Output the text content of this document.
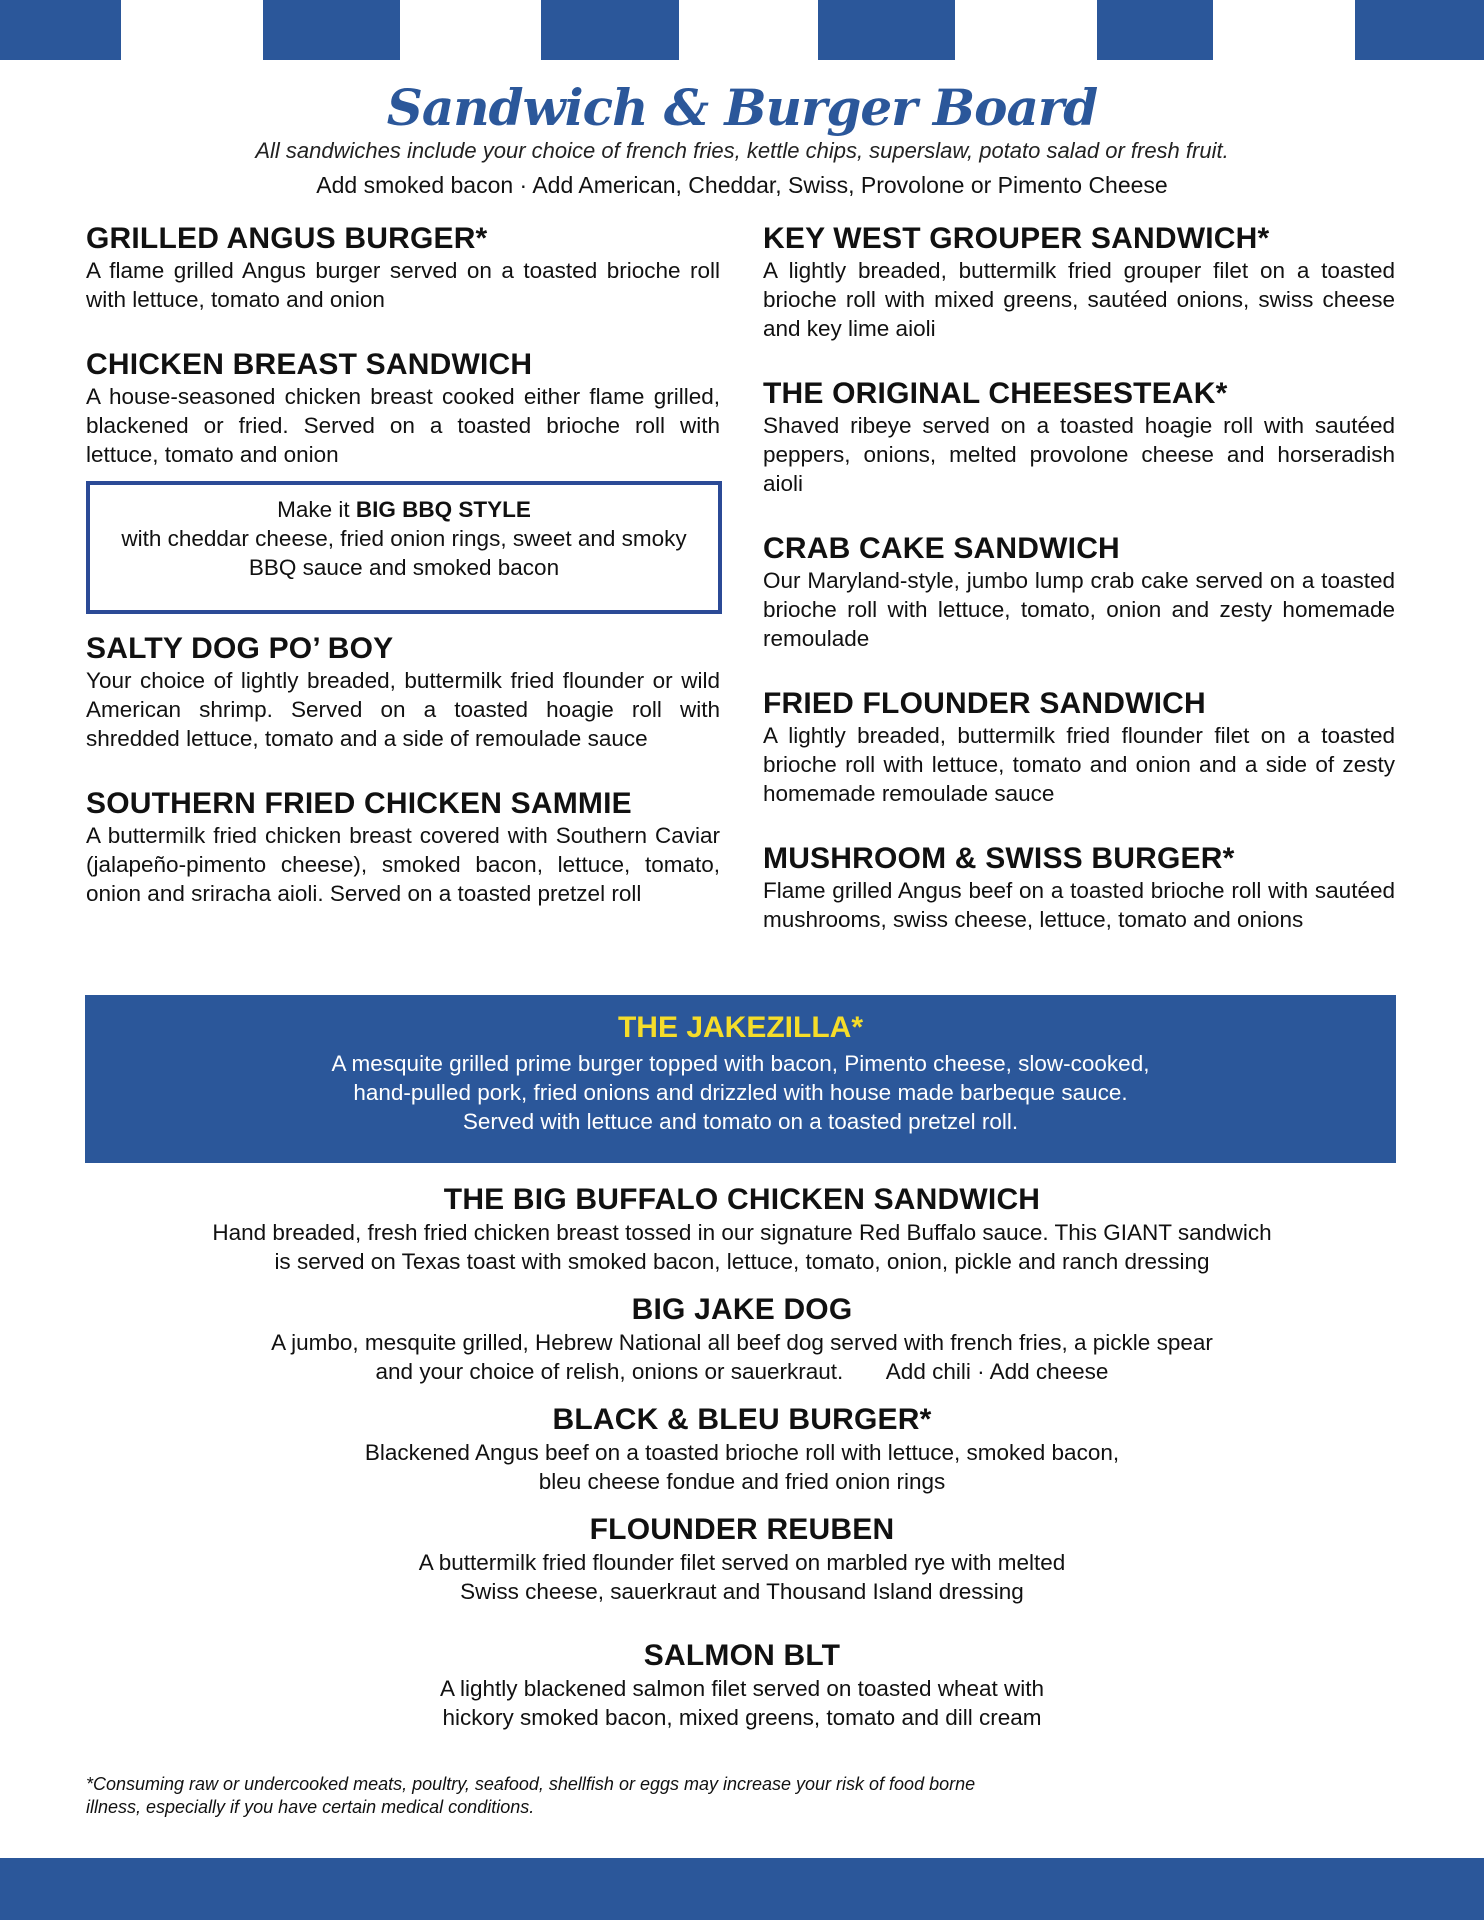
Sandwich & Burger Board
All sandwiches include your choice of french fries, kettle chips, superslaw, potato salad or fresh fruit.
Add smoked bacon · Add American, Cheddar, Swiss, Provolone or Pimento Cheese
GRILLED ANGUS BURGER*
A flame grilled Angus burger served on a toasted brioche roll with lettuce, tomato and onion
CHICKEN BREAST SANDWICH
A house-seasoned chicken breast cooked either flame grilled, blackened or fried. Served on a toasted brioche roll with lettuce, tomato and onion
Make it BIG BBQ STYLE
with cheddar cheese, fried onion rings, sweet and smoky BBQ sauce and smoked bacon
SALTY DOG PO’ BOY
Your choice of lightly breaded, buttermilk fried flounder or wild American shrimp. Served on a toasted hoagie roll with shredded lettuce, tomato and a side of remoulade sauce
SOUTHERN FRIED CHICKEN SAMMIE
A buttermilk fried chicken breast covered with Southern Caviar (jalapeño-pimento cheese), smoked bacon, lettuce, tomato, onion and sriracha aioli. Served on a toasted pretzel roll
KEY WEST GROUPER SANDWICH*
A lightly breaded, buttermilk fried grouper filet on a toasted brioche roll with mixed greens, sautéed onions, swiss cheese and key lime aioli
THE ORIGINAL CHEESESTEAK*
Shaved ribeye served on a toasted hoagie roll with sautéed peppers, onions, melted provolone cheese and horseradish aioli
CRAB CAKE SANDWICH
Our Maryland-style, jumbo lump crab cake served on a toasted brioche roll with lettuce, tomato, onion and zesty homemade remoulade
FRIED FLOUNDER SANDWICH
A lightly breaded, buttermilk fried flounder filet on a toasted brioche roll with lettuce, tomato and onion and a side of zesty homemade remoulade sauce
MUSHROOM & SWISS BURGER*
Flame grilled Angus beef on a toasted brioche roll with sautéed mushrooms, swiss cheese, lettuce, tomato and onions
THE JAKEZILLA*
A mesquite grilled prime burger topped with bacon, Pimento cheese, slow-cooked,
hand-pulled pork, fried onions and drizzled with house made barbeque sauce.
Served with lettuce and tomato on a toasted pretzel roll.
THE BIG BUFFALO CHICKEN SANDWICH
Hand breaded, fresh fried chicken breast tossed in our signature Red Buffalo sauce. This GIANT sandwich
is served on Texas toast with smoked bacon, lettuce, tomato, onion, pickle and ranch dressing
BIG JAKE DOG
A jumbo, mesquite grilled, Hebrew National all beef dog served with french fries, a pickle spear
and your choice of relish, onions or sauerkraut.       Add chili · Add cheese
BLACK & BLEU BURGER*
Blackened Angus beef on a toasted brioche roll with lettuce, smoked bacon,
bleu cheese fondue and fried onion rings
FLOUNDER REUBEN
A buttermilk fried flounder filet served on marbled rye with melted
Swiss cheese, sauerkraut and Thousand Island dressing
SALMON BLT
A lightly blackened salmon filet served on toasted wheat with
hickory smoked bacon, mixed greens, tomato and dill cream
*Consuming raw or undercooked meats, poultry, seafood, shellfish or eggs may increase your risk of food borne
illness, especially if you have certain medical conditions.
